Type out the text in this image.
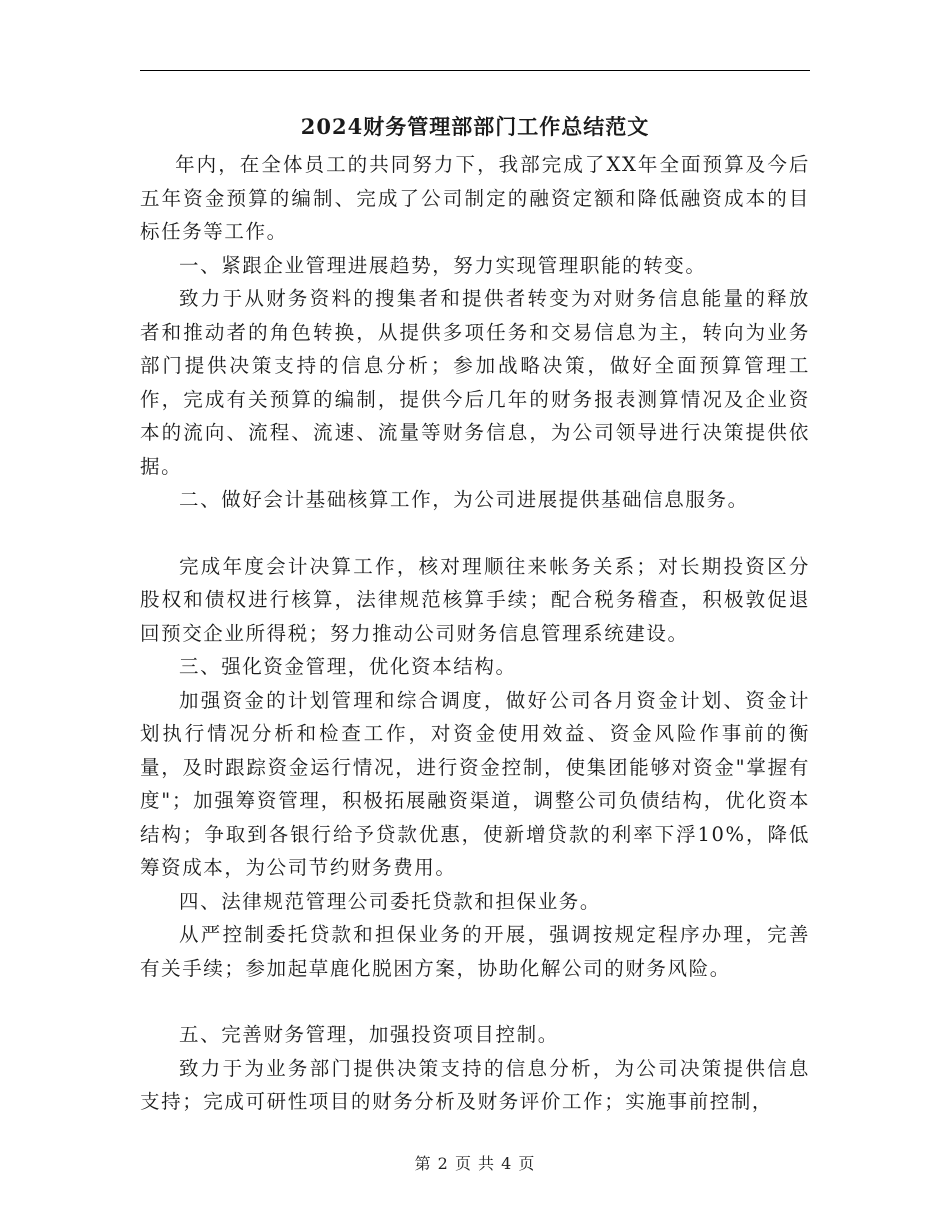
2024财务管理部部门工作总结范文

年内，在全体员工的共同努力下，我部完成了XX年全面预算及今后五年资金预算的编制、完成了公司制定的融资定额和降低融资成本的目标任务等工作。

一、紧跟企业管理进展趋势，努力实现管理职能的转变。

致力于从财务资料的搜集者和提供者转变为对财务信息能量的释放者和推动者的角色转换，从提供多项任务和交易信息为主，转向为业务部门提供决策支持的信息分析；参加战略决策，做好全面预算管理工作，完成有关预算的编制，提供今后几年的财务报表测算情况及企业资本的流向、流程、流速、流量等财务信息，为公司领导进行决策提供依据。

二、做好会计基础核算工作，为公司进展提供基础信息服务。

完成年度会计决算工作，核对理顺往来帐务关系；对长期投资区分股权和债权进行核算，法律规范核算手续；配合税务稽查，积极敦促退回预交企业所得税；努力推动公司财务信息管理系统建设。

三、强化资金管理，优化资本结构。

加强资金的计划管理和综合调度，做好公司各月资金计划、资金计划执行情况分析和检查工作，对资金使用效益、资金风险作事前的衡量，及时跟踪资金运行情况，进行资金控制，使集团能够对资金"掌握有度"；加强筹资管理，积极拓展融资渠道，调整公司负债结构，优化资本结构；争取到各银行给予贷款优惠，使新增贷款的利率下浮10%，降低筹资成本，为公司节约财务费用。

四、法律规范管理公司委托贷款和担保业务。

从严控制委托贷款和担保业务的开展，强调按规定程序办理，完善有关手续；参加起草鹿化脱困方案，协助化解公司的财务风险。

五、完善财务管理，加强投资项目控制。

致力于为业务部门提供决策支持的信息分析，为公司决策提供信息支持；完成可研性项目的财务分析及财务评价工作；实施事前控制，

第 2 页 共 4 页
